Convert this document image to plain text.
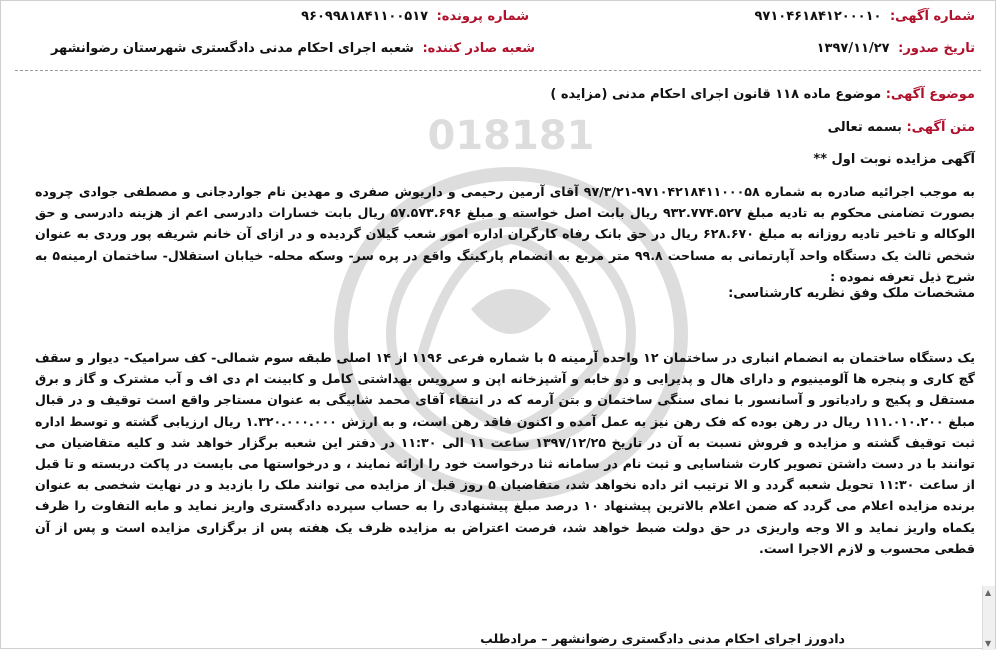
018181
شماره آگهی: ۹۷۱۰۴۶۱۸۴۱۲۰۰۰۱۰
شماره پرونده: ۹۶۰۹۹۸۱۸۴۱۱۰۰۵۱۷
تاریخ صدور: ۱۳۹۷/۱۱/۲۷
شعبه صادر کننده: شعبه اجرای احکام مدنی دادگستری شهرستان رضوانشهر
موضوع آگهی: موضوع ماده ۱۱۸ قانون اجرای احکام مدنی (مزایده )
متن آگهی: بسمه تعالی
آگهی مزایده نوبت اول **
به موجب اجرائیه صادره به شماره ۹۷۱۰۴۲۱۸۴۱۱۰۰۰۵۸-۹۷/۳/۲۱ آقای آرمین رحیمی و داریوش صفری و مهدین نام جواردجانی و مصطفی جوادی چروده بصورت تضامنی محکوم به تادیه مبلغ ۹۳۲.۷۷۴.۵۲۷ ریال بابت اصل خواسته و مبلغ ۵۷.۵۷۳.۶۹۶ ریال بابت خسارات دادرسی اعم از هزینه دادرسی و حق الوکاله و تاخیر تادیه روزانه به مبلغ ۶۲۸.۶۷۰ ریال در حق بانک رفاه کارگران اداره امور شعب گیلان گردیده و در ازای آن خانم شریفه پور وردی به عنوان شخص ثالث یک دستگاه واحد آپارتمانی به مساحت ۹۹.۸ متر مربع به انضمام پارکینگ واقع در پره سر- وسکه محله- خیابان استقلال- ساختمان ارمینه۵ به شرح ذیل تعرفه نموده :
مشخصات ملک وفق نظریه کارشناسی:
یک دستگاه ساختمان به انضمام انباری در ساختمان ۱۲ واحده آرمینه ۵ با شماره فرعی ۱۱۹۶ از ۱۴ اصلی طبقه سوم شمالی- کف سرامیک- دیوار و سقف گچ کاری و پنجره ها آلومینیوم و دارای هال و پذیرایی و دو خابه و آشپزخانه اپن و سرویس بهداشتی کامل و کابینت ام دی اف و آب مشترک و گاز و برق مستقل و پکیج و رادیاتور و آسانسور با نمای سنگی ساختمان و بتن آرمه که در انتقاء آقای محمد شابیگی به عنوان مستاجر واقع است توقیف و در قبال مبلغ ۱۱۱.۰۱۰.۲۰۰ ریال در رهن بوده که فک رهن نیز به عمل آمده و اکنون فاقد رهن است، و به ارزش ۱.۳۲۰.۰۰۰.۰۰۰ ریال ارزیابی گشته و توسط اداره ثبت توقیف گشته و مزایده و فروش نسبت به آن در تاریخ ۱۳۹۷/۱۲/۲۵ ساعت ۱۱ الی ۱۱:۳۰ در دفتر این شعبه برگزار خواهد شد و کلیه متقاضیان می توانند با در دست داشتن تصویر کارت شناسایی و ثبت نام در سامانه ثنا درخواست خود را ارائه نمایند ، و درخواستها می بایست در پاکت دربسته و تا قبل از ساعت ۱۱:۳۰ تحویل شعبه گردد و الا ترتیب اثر داده نخواهد شد، متقاضیان ۵ روز قبل از مزایده می توانند ملک را بازدید و در نهایت شخصی به عنوان برنده مزایده اعلام می گردد که ضمن اعلام بالاترین پیشنهاد ۱۰ درصد مبلغ پیشنهادی را به حساب سپرده دادگستری واریز نماید و مابه التفاوت را ظرف یکماه واریز نماید و الا وجه واریزی در حق دولت ضبط خواهد شد، فرصت اعتراض به مزایده ظرف یک هفته پس از برگزاری مزایده است و پس از آن قطعی محسوب و لازم الاجرا است.
دادورز اجرای احکام مدنی دادگستری رضوانشهر – مرادطلب
▲
▼
